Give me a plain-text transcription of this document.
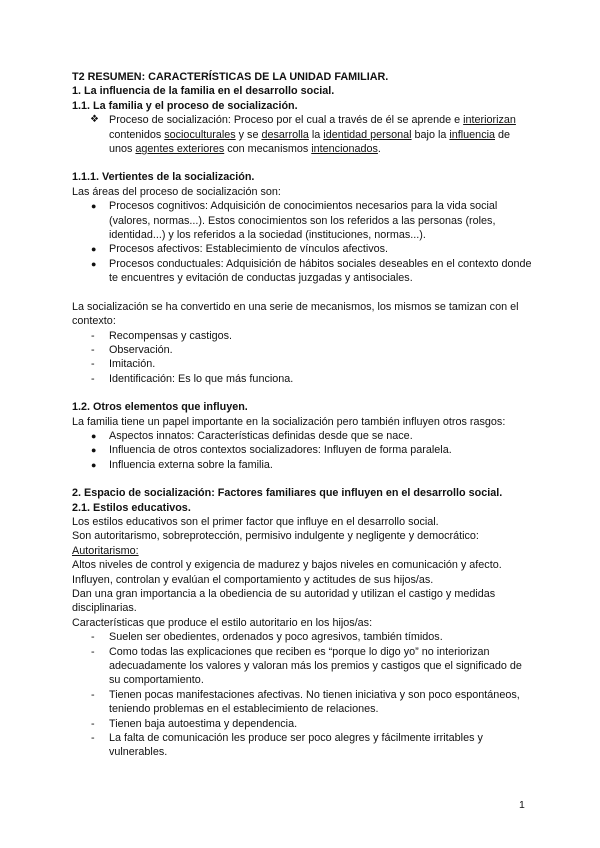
T2 RESUMEN: CARACTERÍSTICAS DE LA UNIDAD FAMILIAR.

1. La influencia de la familia en el desarrollo social.

1.1. La familia y el proceso de socialización.

❖ Proceso de socialización: Proceso por el cual a través de él se aprende e interiorizan contenidos socioculturales y se desarrolla la identidad personal bajo la influencia de unos agentes exteriores con mecanismos intencionados.

1.1.1. Vertientes de la socialización.

Las áreas del proceso de socialización son:

● Procesos cognitivos: Adquisición de conocimientos necesarios para la vida social (valores, normas...). Estos conocimientos son los referidos a las personas (roles, identidad...) y los referidos a la sociedad (instituciones, normas...).
● Procesos afectivos: Establecimiento de vínculos afectivos.
● Procesos conductuales: Adquisición de hábitos sociales deseables en el contexto donde te encuentres y evitación de conductas juzgadas y antisociales.

La socialización se ha convertido en una serie de mecanismos, los mismos se tamizan con el contexto:

- Recompensas y castigos.
- Observación.
- Imitación.
- Identificación: Es lo que más funciona.

1.2. Otros elementos que influyen.

La familia tiene un papel importante en la socialización pero también influyen otros rasgos:

● Aspectos innatos: Características definidas desde que se nace.
● Influencia de otros contextos socializadores: Influyen de forma paralela.
● Influencia externa sobre la familia.

2. Espacio de socialización: Factores familiares que influyen en el desarrollo social.

2.1. Estilos educativos.

Los estilos educativos son el primer factor que influye en el desarrollo social.

Son autoritarismo, sobreprotección, permisivo indulgente y negligente y democrático:

Autoritarismo:

Altos niveles de control y exigencia de madurez y bajos niveles en comunicación y afecto.

Influyen, controlan y evalúan el comportamiento y actitudes de sus hijos/as.

Dan una gran importancia a la obediencia de su autoridad y utilizan el castigo y medidas disciplinarias.

Características que produce el estilo autoritario en los hijos/as:

- Suelen ser obedientes, ordenados y poco agresivos, también tímidos.
- Como todas las explicaciones que reciben es “porque lo digo yo” no interiorizan adecuadamente los valores y valoran más los premios y castigos que el significado de su comportamiento.
- Tienen pocas manifestaciones afectivas. No tienen iniciativa y son poco espontáneos, teniendo problemas en el establecimiento de relaciones.
- Tienen baja autoestima y dependencia.
- La falta de comunicación les produce ser poco alegres y fácilmente irritables y vulnerables.
1
